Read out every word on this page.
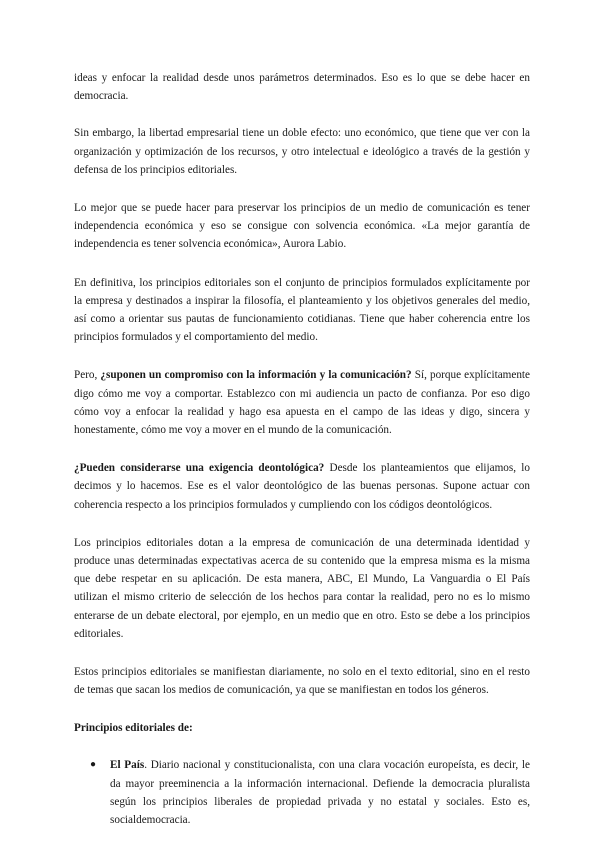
ideas y enfocar la realidad desde unos parámetros determinados. Eso es lo que se debe hacer en democracia.

Sin embargo, la libertad empresarial tiene un doble efecto: uno económico, que tiene que ver con la organización y optimización de los recursos, y otro intelectual e ideológico a través de la gestión y defensa de los principios editoriales.

Lo mejor que se puede hacer para preservar los principios de un medio de comunicación es tener independencia económica y eso se consigue con solvencia económica. «La mejor garantía de independencia es tener solvencia económica», Aurora Labio.

En definitiva, los principios editoriales son el conjunto de principios formulados explícitamente por la empresa y destinados a inspirar la filosofía, el planteamiento y los objetivos generales del medio, así como a orientar sus pautas de funcionamiento cotidianas. Tiene que haber coherencia entre los principios formulados y el comportamiento del medio.

Pero, ¿suponen un compromiso con la información y la comunicación? Sí, porque explícitamente digo cómo me voy a comportar. Establezco con mi audiencia un pacto de confianza. Por eso digo cómo voy a enfocar la realidad y hago esa apuesta en el campo de las ideas y digo, sincera y honestamente, cómo me voy a mover en el mundo de la comunicación.

¿Pueden considerarse una exigencia deontológica? Desde los planteamientos que elijamos, lo decimos y lo hacemos. Ese es el valor deontológico de las buenas personas. Supone actuar con coherencia respecto a los principios formulados y cumpliendo con los códigos deontológicos.

Los principios editoriales dotan a la empresa de comunicación de una determinada identidad y produce unas determinadas expectativas acerca de su contenido que la empresa misma es la misma que debe respetar en su aplicación. De esta manera, ABC, El Mundo, La Vanguardia o El País utilizan el mismo criterio de selección de los hechos para contar la realidad, pero no es lo mismo enterarse de un debate electoral, por ejemplo, en un medio que en otro. Esto se debe a los principios editoriales.

Estos principios editoriales se manifiestan diariamente, no solo en el texto editorial, sino en el resto de temas que sacan los medios de comunicación, ya que se manifiestan en todos los géneros.

Principios editoriales de:
● El País. Diario nacional y constitucionalista, con una clara vocación europeísta, es decir, le da mayor preeminencia a la información internacional. Defiende la democracia pluralista según los principios liberales de propiedad privada y no estatal y sociales. Esto es, socialdemocracia.
